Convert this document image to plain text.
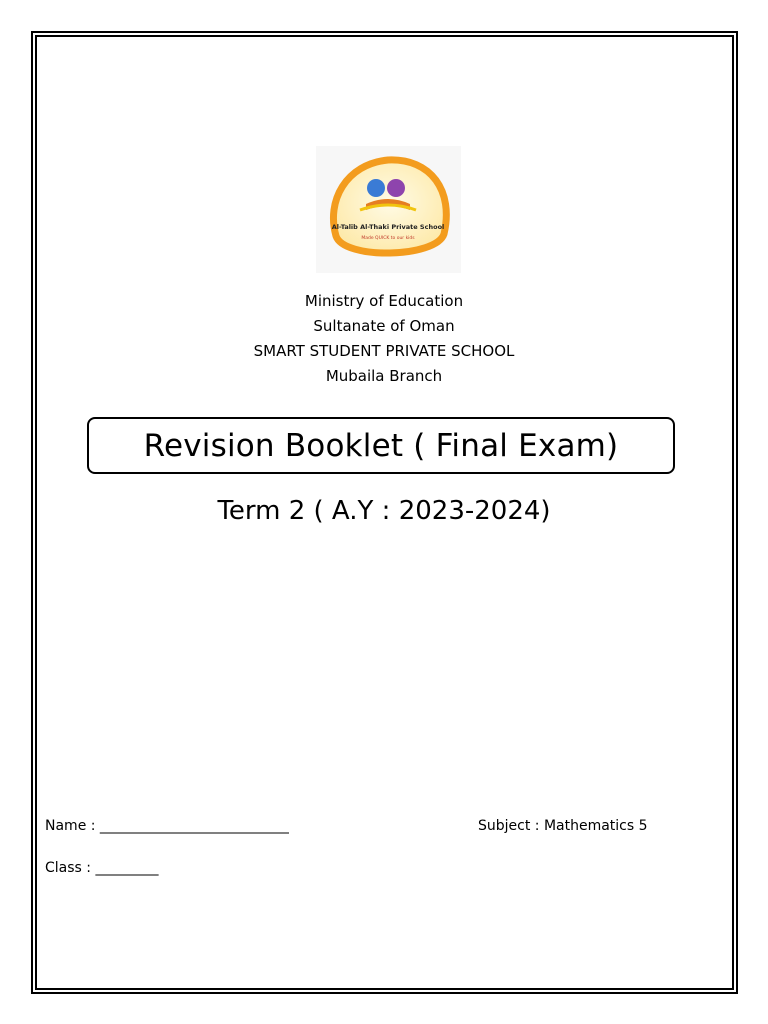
Al-Talib Al-Thaki Private School
Made QUICK to our kids
Ministry of Education
Sultanate of Oman
SMART STUDENT PRIVATE SCHOOL
Mubaila Branch
Revision Booklet ( Final Exam)
Term 2 ( A.Y : 2023-2024)
Name : ___________________________	Subject : Mathematics 5
Class : _________
